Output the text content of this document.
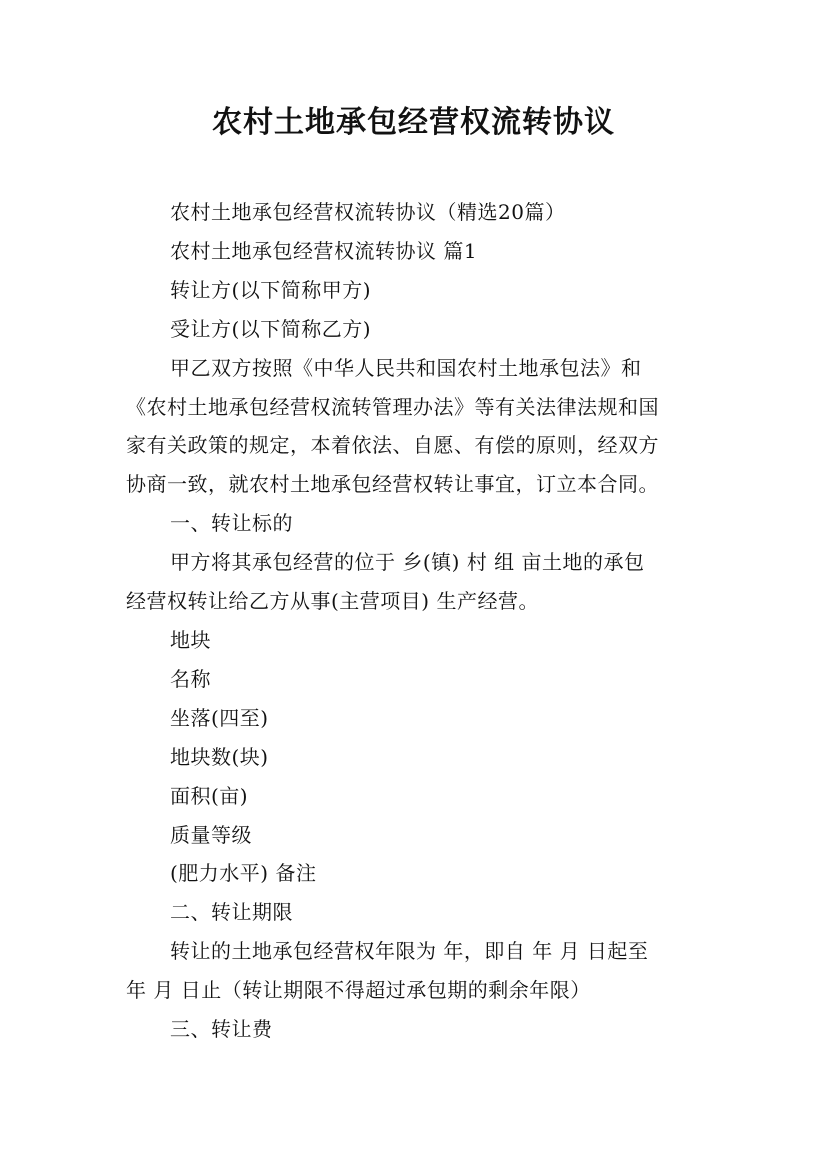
农村土地承包经营权流转协议
农村土地承包经营权流转协议（精选20篇）
农村土地承包经营权流转协议 篇1
转让方(以下简称甲方)
受让方(以下简称乙方)
甲乙双方按照《中华人民共和国农村土地承包法》和
《农村土地承包经营权流转管理办法》等有关法律法规和国
家有关政策的规定，本着依法、自愿、有偿的原则，经双方
协商一致，就农村土地承包经营权转让事宜，订立本合同。
一、转让标的
甲方将其承包经营的位于 乡(镇) 村 组 亩土地的承包
经营权转让给乙方从事(主营项目) 生产经营。
地块
名称
坐落(四至)
地块数(块)
面积(亩)
质量等级
(肥力水平) 备注
二、转让期限
转让的土地承包经营权年限为 年，即自 年 月 日起至
年 月 日止（转让期限不得超过承包期的剩余年限）
三、转让费
